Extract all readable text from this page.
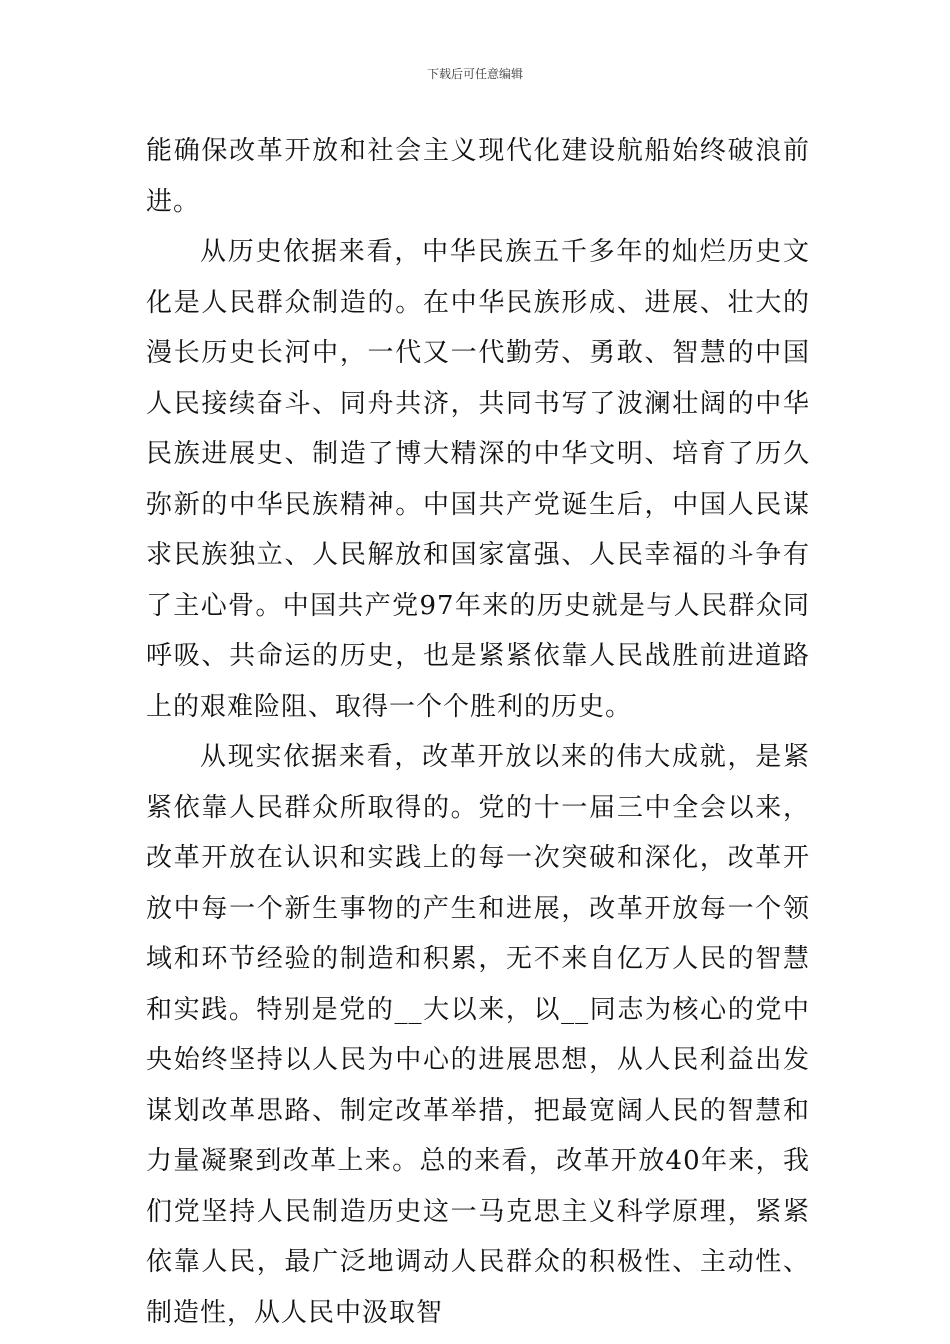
下载后可任意编辑

能确保改革开放和社会主义现代化建设航船始终破浪前进。

从历史依据来看，中华民族五千多年的灿烂历史文化是人民群众制造的。在中华民族形成、进展、壮大的漫长历史长河中，一代又一代勤劳、勇敢、智慧的中国人民接续奋斗、同舟共济，共同书写了波澜壮阔的中华民族进展史、制造了博大精深的中华文明、培育了历久弥新的中华民族精神。中国共产党诞生后，中国人民谋求民族独立、人民解放和国家富强、人民幸福的斗争有了主心骨。中国共产党97年来的历史就是与人民群众同呼吸、共命运的历史，也是紧紧依靠人民战胜前进道路上的艰难险阻、取得一个个胜利的历史。

从现实依据来看，改革开放以来的伟大成就，是紧紧依靠人民群众所取得的。党的十一届三中全会以来，改革开放在认识和实践上的每一次突破和深化，改革开放中每一个新生事物的产生和进展，改革开放每一个领域和环节经验的制造和积累，无不来自亿万人民的智慧和实践。特别是党的__大以来，以__同志为核心的党中央始终坚持以人民为中心的进展思想，从人民利益出发谋划改革思路、制定改革举措，把最宽阔人民的智慧和力量凝聚到改革上来。总的来看，改革开放40年来，我们党坚持人民制造历史这一马克思主义科学原理，紧紧依靠人民，最广泛地调动人民群众的积极性、主动性、制造性，从人民中汲取智
